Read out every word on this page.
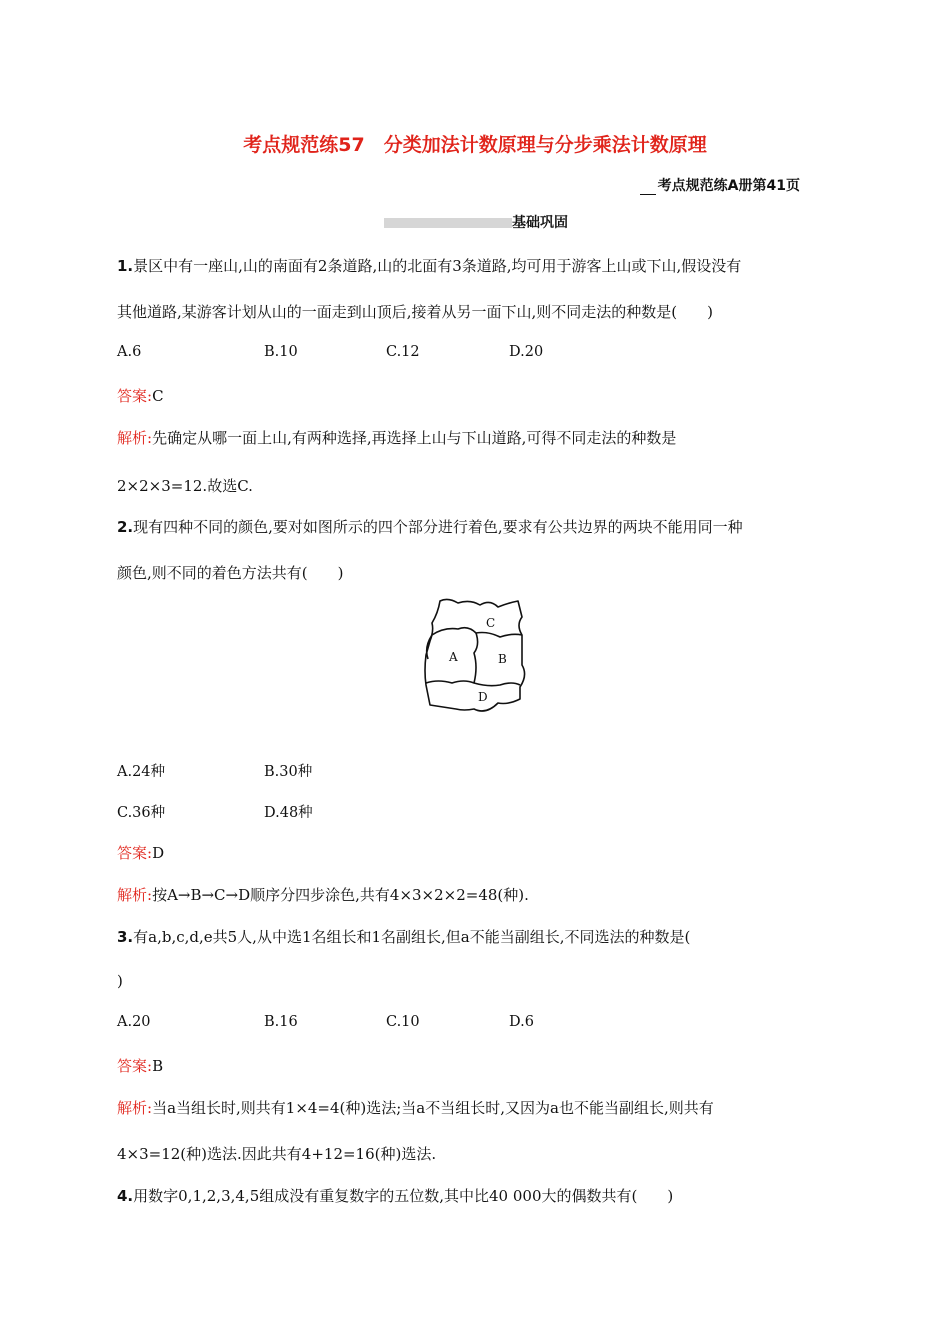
考点规范练57　分类加法计数原理与分步乘法计数原理
考点规范练A册第41页
基础巩固
1.景区中有一座山,山的南面有2条道路,山的北面有3条道路,均可用于游客上山或下山,假设没有
其他道路,某游客计划从山的一面走到山顶后,接着从另一面下山,则不同走法的种数是(　　)
A.6	B.10	C.12	D.20
答案:C
解析:先确定从哪一面上山,有两种选择,再选择上山与下山道路,可得不同走法的种数是
2×2×3=12.故选C.
2.现有四种不同的颜色,要对如图所示的四个部分进行着色,要求有公共边界的两块不能用同一种
颜色,则不同的着色方法共有(　　)
A	B
C
D
A.24种	B.30种
C.36种	D.48种
答案:D
解析:按A→B→C→D顺序分四步涂色,共有4×3×2×2=48(种).
3.有a,b,c,d,e共5人,从中选1名组长和1名副组长,但a不能当副组长,不同选法的种数是(
)
A.20	B.16	C.10	D.6
答案:B
解析:当a当组长时,则共有1×4=4(种)选法;当a不当组长时,又因为a也不能当副组长,则共有
4×3=12(种)选法.因此共有4+12=16(种)选法.
4.用数字0,1,2,3,4,5组成没有重复数字的五位数,其中比40 000大的偶数共有(　　)
